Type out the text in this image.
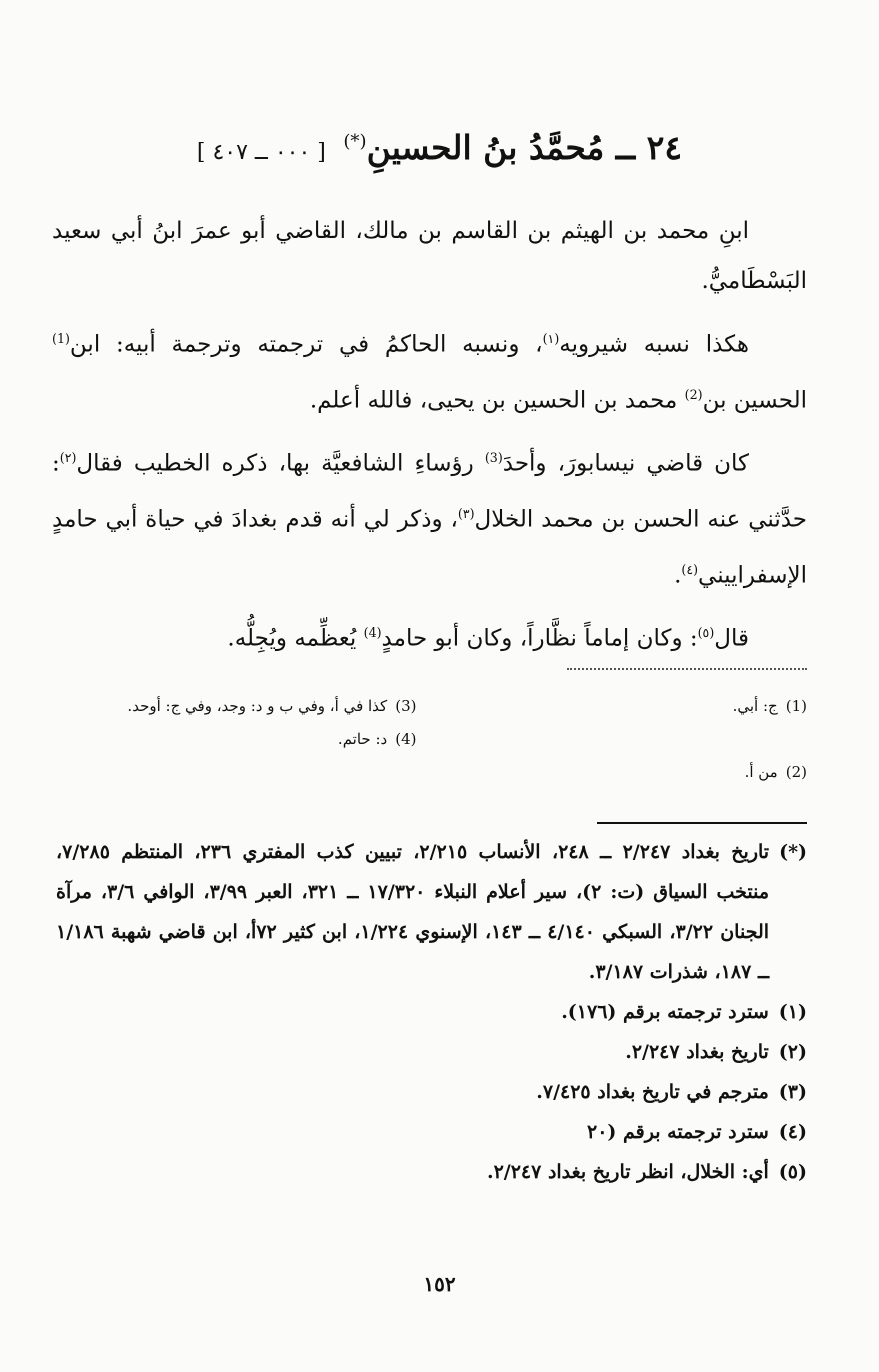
٢٤ ــ مُحمَّدُ بنُ الحسينِ(*) [ ٠٠٠ ــ ٤٠٧ ]

ابنِ محمد بن الهيثم بن القاسم بن مالك، القاضي أبو عمرَ ابنُ أبي سعيد البَسْطَاميُّ.

هكذا نسبه شيرويه$^{(١)}$، ونسبه الحاكمُ في ترجمته وترجمة أبيه: ابن$^{(1)}$ الحسين بن$^{(2)}$ محمد بن الحسين بن يحيى، فالله أعلم.

كان قاضي نيسابورَ، وأحدَ$^{(3)}$ رؤساءِ الشافعيَّة بها، ذكره الخطيب فقال$^{(٢)}$: حدَّثني عنه الحسن بن محمد الخلال$^{(٣)}$، وذكر لي أنه قدم بغدادَ في حياة أبي حامدٍ الإسفراييني$^{(٤)}$.

قال$^{(٥)}$: وكان إماماً نظَّاراً، وكان أبو حامدٍ$^{(4)}$ يُعظِّمه ويُجِلُّه.

(1)
ج: أبي.
(2)
من أ.
(3)
كذا في أ، وفي ب و د: وجد، وفي ج: أوحد.
(4)
د: حاتم.
(*)
تاريخ بغداد ٢/٢٤٧ ــ ٢٤٨، الأنساب ٢/٢١٥، تبيين كذب المفتري ٢٣٦، المنتظم ٧/٢٨٥، منتخب السياق (ت: ٢)، سير أعلام النبلاء ١٧/٣٢٠ ــ ٣٢١، العبر ٣/٩٩، الوافي ٣/٦، مرآة الجنان ٣/٢٢، السبكي ٤/١٤٠ ــ ١٤٣، الإسنوي ١/٢٢٤، ابن كثير ٧٢أ، ابن قاضي شهبة ١/١٨٦ ــ ١٨٧، شذرات ٣/١٨٧.
(١)
سترد ترجمته برقم (١٧٦).
(٢)
تاريخ بغداد ٢/٢٤٧.
(٣)
مترجم في تاريخ بغداد ٧/٤٢٥.
(٤)
سترد ترجمته برقم (٢٠
(٥)
أي: الخلال، انظر تاريخ بغداد ٢/٢٤٧.
١٥٢
